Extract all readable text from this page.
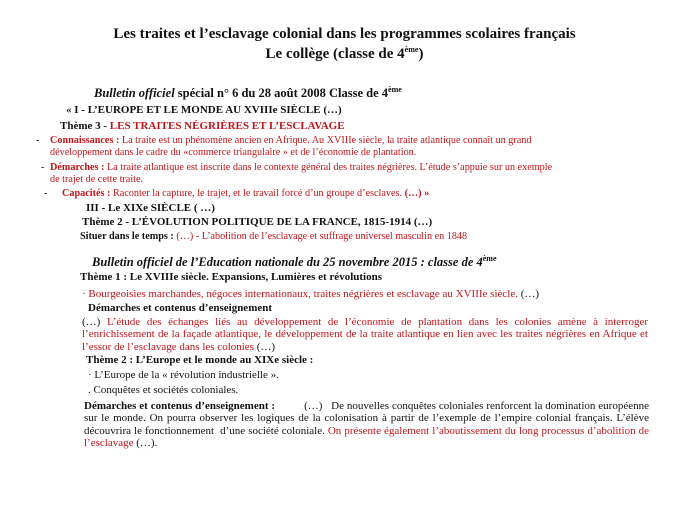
Les traites et l’esclavage colonial dans les programmes scolaires français
Le collège (classe de 4ème)
Bulletin officiel spécial n° 6 du 28 août 2008 Classe de 4ème
« I - L’EUROPE ET LE MONDE AU XVIIIe SIÈCLE (…)
Thème 3 - LES TRAITES NÉGRIÈRES ET L’ESCLAVAGE
- Connaissances : La traite est un phénomène ancien en Afrique. Au XVIIIe siècle, la traite atlantique connaît un grand
développement dans le cadre du «commerce triangulaire » et de l’économie de plantation.
- Démarches : La traite atlantique est inscrite dans le contexte général des traites négrières. L’étude s’appuie sur un exemple
de trajet de cette traite.
- Capacités : Raconter la capture, le trajet, et le travail forcé d’un groupe d’esclaves. (…) »
III - Le XIXe SIÈCLE ( …)
Thème 2 - L’ÉVOLUTION POLITIQUE DE LA FRANCE, 1815-1914 (…)
Situer dans le temps : (…) - L’abolition de l’esclavage et suffrage universel masculin en 1848
Bulletin officiel de l’Education nationale du 25 novembre 2015 : classe de 4ème
Thème 1 : Le XVIIIe siècle. Expansions, Lumières et révolutions
· Bourgeoisies marchandes, négoces internationaux, traites négrières et esclavage au XVIIIe siècle. (…)
Démarches et contenus d’enseignement
(…) L’étude des échanges liés au développement de l’économie de plantation dans les colonies amène à interroger l’enrichissement de la façade atlantique, le développement de la traite atlantique en lien avec les traites négrières en Afrique et l’essor de l’esclavage dans les colonies (…)
Thème 2 : L’Europe et le monde au XIXe siècle :
· L’Europe de la « révolution industrielle ».
. Conquêtes et sociétés coloniales.
Démarches et contenus d’enseignement :          (…)   De nouvelles conquêtes coloniales renforcent la domination européenne sur le monde. On pourra observer les logiques de la colonisation à partir de l’exemple de l’empire colonial français. L’élève découvrira le fonctionnement  d’une société coloniale. On présente également l’aboutissement du long processus d’abolition de l’esclavage (…).
